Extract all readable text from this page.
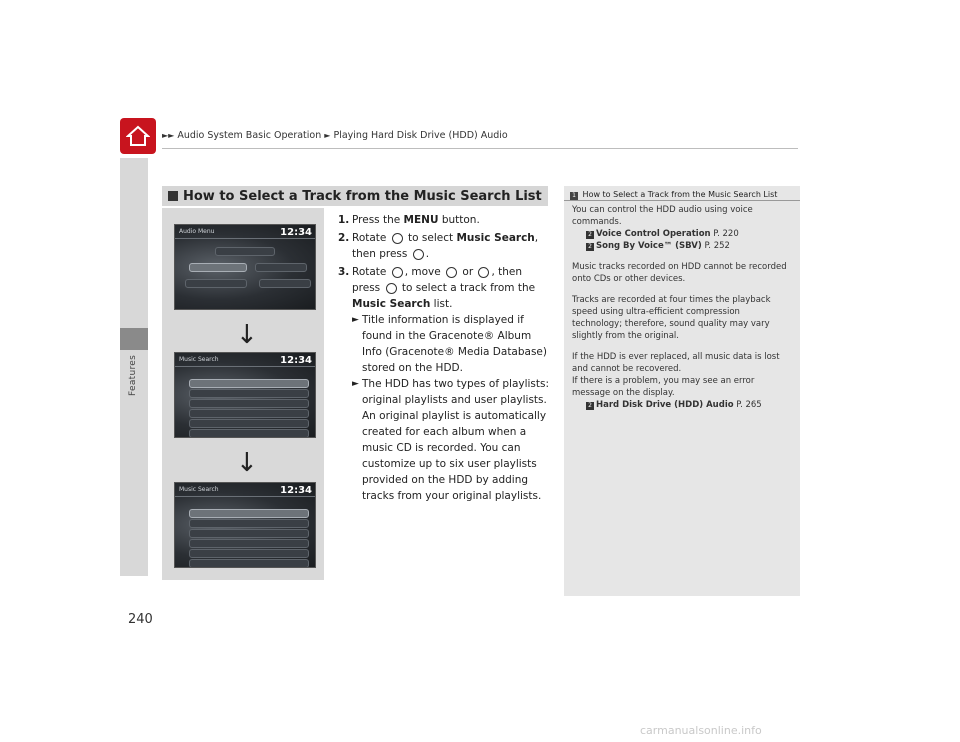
Features
►► Audio System Basic Operation ► Playing Hard Disk Drive (HDD) Audio
How to Select a Track from the Music Search List
Audio Menu	12:34
↓
Music Search	12:34
↓
Music Search	12:34
1. Press the MENU button.
2. Rotate  to select Music Search, then press .
3. Rotate , move  or , then press  to select a track from the Music Search list.
► Title information is displayed if found in the Gracenote® Album Info (Gracenote® Media Database) stored on the HDD.
► The HDD has two types of playlists: original playlists and user playlists. An original playlist is automatically created for each album when a music CD is recorded. You can customize up to six user playlists provided on the HDD by adding tracks from your original playlists.
1 How to Select a Track from the Music Search List

You can control the HDD audio using voice commands.
2 Voice Control Operation P. 220
2 Song By Voice™ (SBV) P. 252

Music tracks recorded on HDD cannot be recorded onto CDs or other devices.

Tracks are recorded at four times the playback speed using ultra-efficient compression technology; therefore, sound quality may vary slightly from the original.

If the HDD is ever replaced, all music data is lost and cannot be recovered.

If there is a problem, you may see an error message on the display.
2 Hard Disk Drive (HDD) Audio P. 265

240
carmanualsonline.info
